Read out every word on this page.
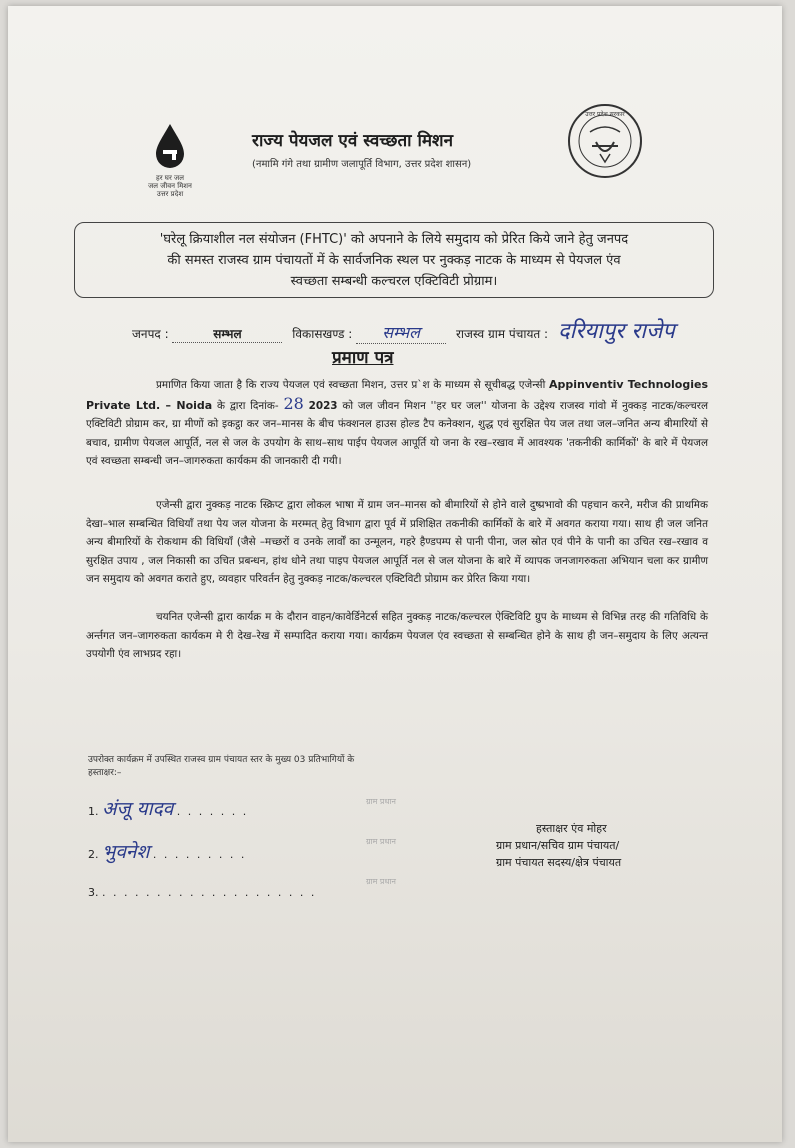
हर घर जल
जल जीवन मिशन
उत्तर प्रदेश
राज्य पेयजल एवं स्वच्छता मिशन
(नमामि गंगे तथा ग्रामीण जलापूर्ति विभाग, उत्तर प्रदेश शासन)
उत्तर प्रदेश सरकार
'घरेलू क्रियाशील नल संयोजन (FHTC)' को अपनाने के लिये समुदाय को प्रेरित किये जाने हेतु जनपद
की समस्त राजस्व ग्राम पंचायतों में के सार्वजनिक स्थल पर नुक्कड़ नाटक के माध्यम से पेयजल एंव
स्वच्छता सम्बन्धी कल्चरल एक्टिविटी प्रोग्राम।
जनपद :	सम्भल	विकासखण्ड : सम्भल	राजस्व ग्राम पंचायत : दरियापुर राजेप
प्रमाण पत्र
प्रमाणित किया जाता है कि राज्य पेयजल एवं स्वच्छता मिशन, उत्तर प्र`श के माध्यम से सूचीबद्ध एजेन्सी Appinventiv Technologies Private Ltd. – Noida के द्वारा दिनांक- 28 2023 को जल जीवन मिशन ''हर घर जल'' योजना के उद्देश्य राजस्व गांवो में नुक्कड़ नाटक/कल्चरल एक्टिविटी प्रोग्राम कर, ग्रा मीणों को इकट्ठा कर जन–मानस के बीच फंक्शनल हाउस होल्ड टैप कनेक्शन, शुद्ध एवं सुरक्षित पेय जल तथा जल–जनित अन्य बीमारियों से बचाव, ग्रामीण पेयजल आपूर्ति, नल से जल के उपयोग के साथ–साथ पाईप पेयजल आपूर्ति यो जना के रख–रखाव में आवश्यक 'तकनीकी कार्मिकों' के बारे में पेयजल एवं स्वच्छता सम्बन्धी जन–जागरुकता कार्यकम की जानकारी दी गयी।
एजेन्सी द्वारा नुक्कड़ नाटक स्क्रिप्ट द्वारा लोकल भाषा में ग्राम जन–मानस को बीमारियों से होने वाले दुष्प्रभावो की पहचान करने, मरीज की प्राथमिक देखा–भाल सम्बन्धित विधियाँ तथा पेय जल योजना के मरम्मत् हेतु विभाग द्वारा पूर्व में प्रशिक्षित तकनीकी कार्मिकों के बारे में अवगत कराया गया। साथ ही जल जनित अन्य बीमारियों के रोकथाम की विधियाँ (जैसे –मच्छरों व उनके लार्वों का उन्मूलन, गहरे हैण्डपम्प से पानी पीना, जल स्रोत एवं पीने के पानी का उचित रख–रखाव व सुरक्षित उपाय , जल निकासी का उचित प्रबन्धन, हांथ धोने तथा पाइप पेयजल आपूर्ति नल से जल योजना के बारे में व्यापक जनजागरुकता अभियान चला कर ग्रामीण जन समुदाय को अवगत कराते हुए, व्यवहार परिवर्तन हेतु नुक्कड़ नाटक/कल्चरल एक्टिविटी प्रोग्राम कर प्रेरित किया गया।
चयनित एजेन्सी द्वारा कार्यक्र म के दौरान वाहन/कावेर्डिनेटर्स सहित नुक्कड़ नाटक/कल्चरल ऐक्टिविटि ग्रुप के माध्यम से विभिन्न तरह की गतिविधि के अर्न्तगत जन–जागरुकता कार्यकम मे री देख–रेख में सम्पादित कराया गया। कार्यक्रम पेयजल एंव स्वच्छता से सम्बन्धित होने के साथ ही जन–समुदाय के लिए अत्यन्त उपयोगी एंव लाभप्रद रहा।
उपरोक्त कार्यक्रम में उपस्थित राजस्व ग्राम पंचायत स्तर के मुख्य 03 प्रतिभागियों के
हस्ताक्षर:–
1. अंजू यादव . . . . . . .
2. भुवनेश . . . . . . . . .
3. . . . . . . . . . . . . . . . . . . . .
ग्राम प्रधान
ग्राम प्रधान
ग्राम प्रधान
हस्ताक्षर एंव मोहर
ग्राम प्रधान/सचिव ग्राम पंचायत/
ग्राम पंचायत सदस्य/क्षेत्र पंचायत
